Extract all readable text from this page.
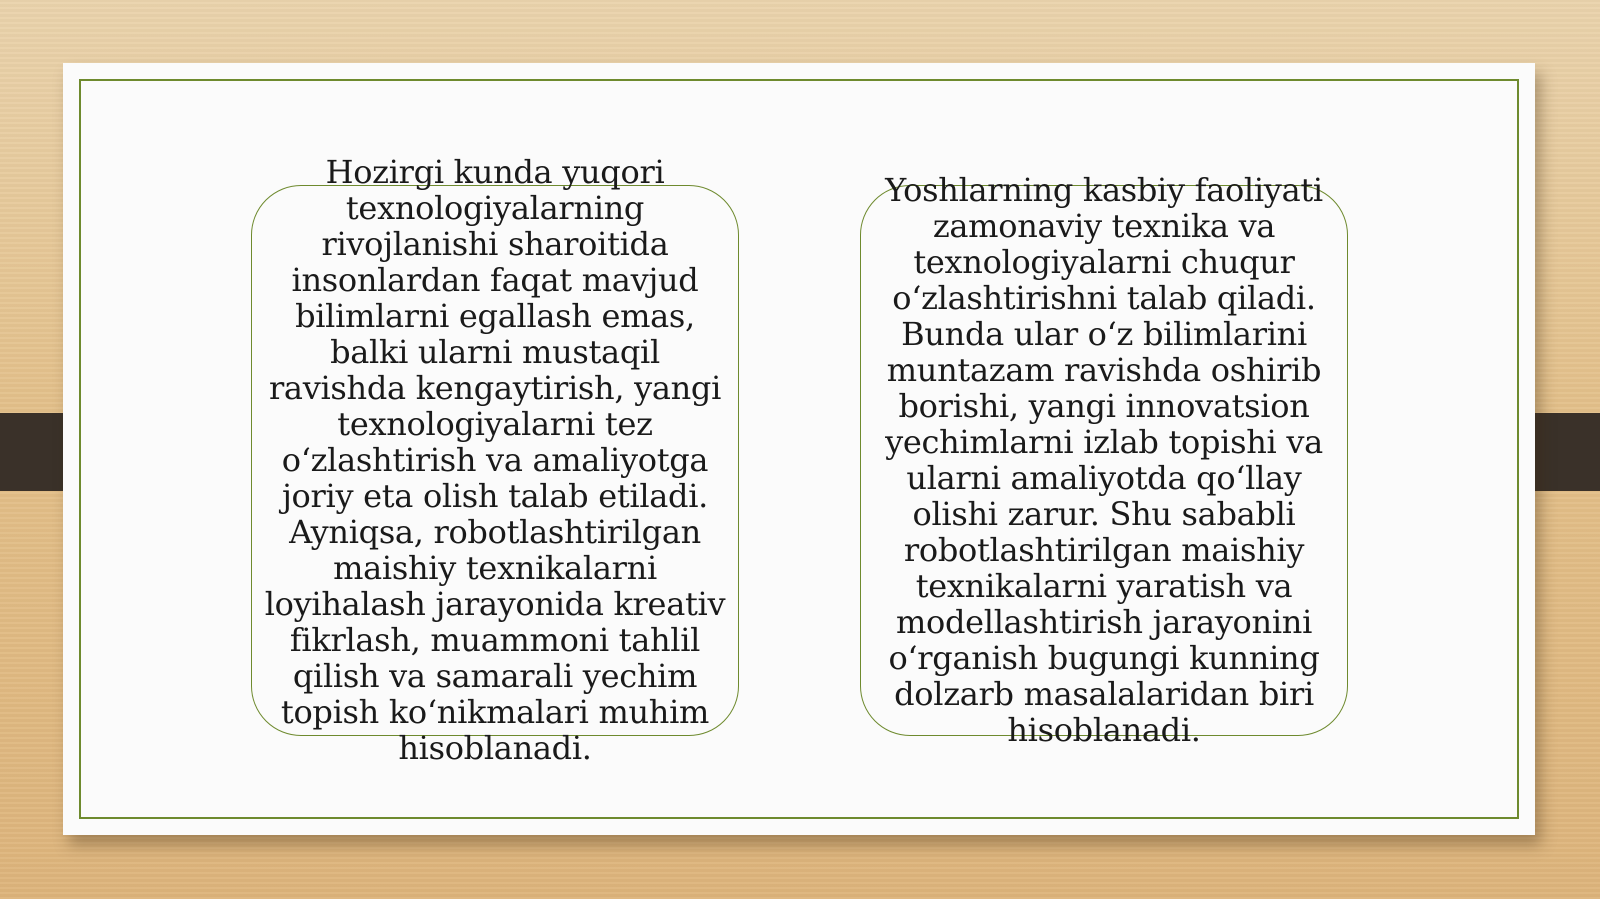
Hozirgi kunda yuqori texnologiyalarning rivojlanishi sharoitida insonlardan faqat mavjud bilimlarni egallash emas, balki ularni mustaqil ravishda kengaytirish, yangi texnologiyalarni tez o‘zlashtirish va amaliyotga joriy eta olish talab etiladi. Ayniqsa, robotlashtirilgan maishiy texnikalarni loyihalash jarayonida kreativ fikrlash, muammoni tahlil qilish va samarali yechim topish ko‘nikmalari muhim hisoblanadi.

Yoshlarning kasbiy faoliyati zamonaviy texnika va texnologiyalarni chuqur o‘zlashtirishni talab qiladi. Bunda ular o‘z bilimlarini muntazam ravishda oshirib borishi, yangi innovatsion yechimlarni izlab topishi va ularni amaliyotda qo‘llay olishi zarur. Shu sababli robotlashtirilgan maishiy texnikalarni yaratish va modellashtirish jarayonini o‘rganish bugungi kunning dolzarb masalalaridan biri hisoblanadi.
